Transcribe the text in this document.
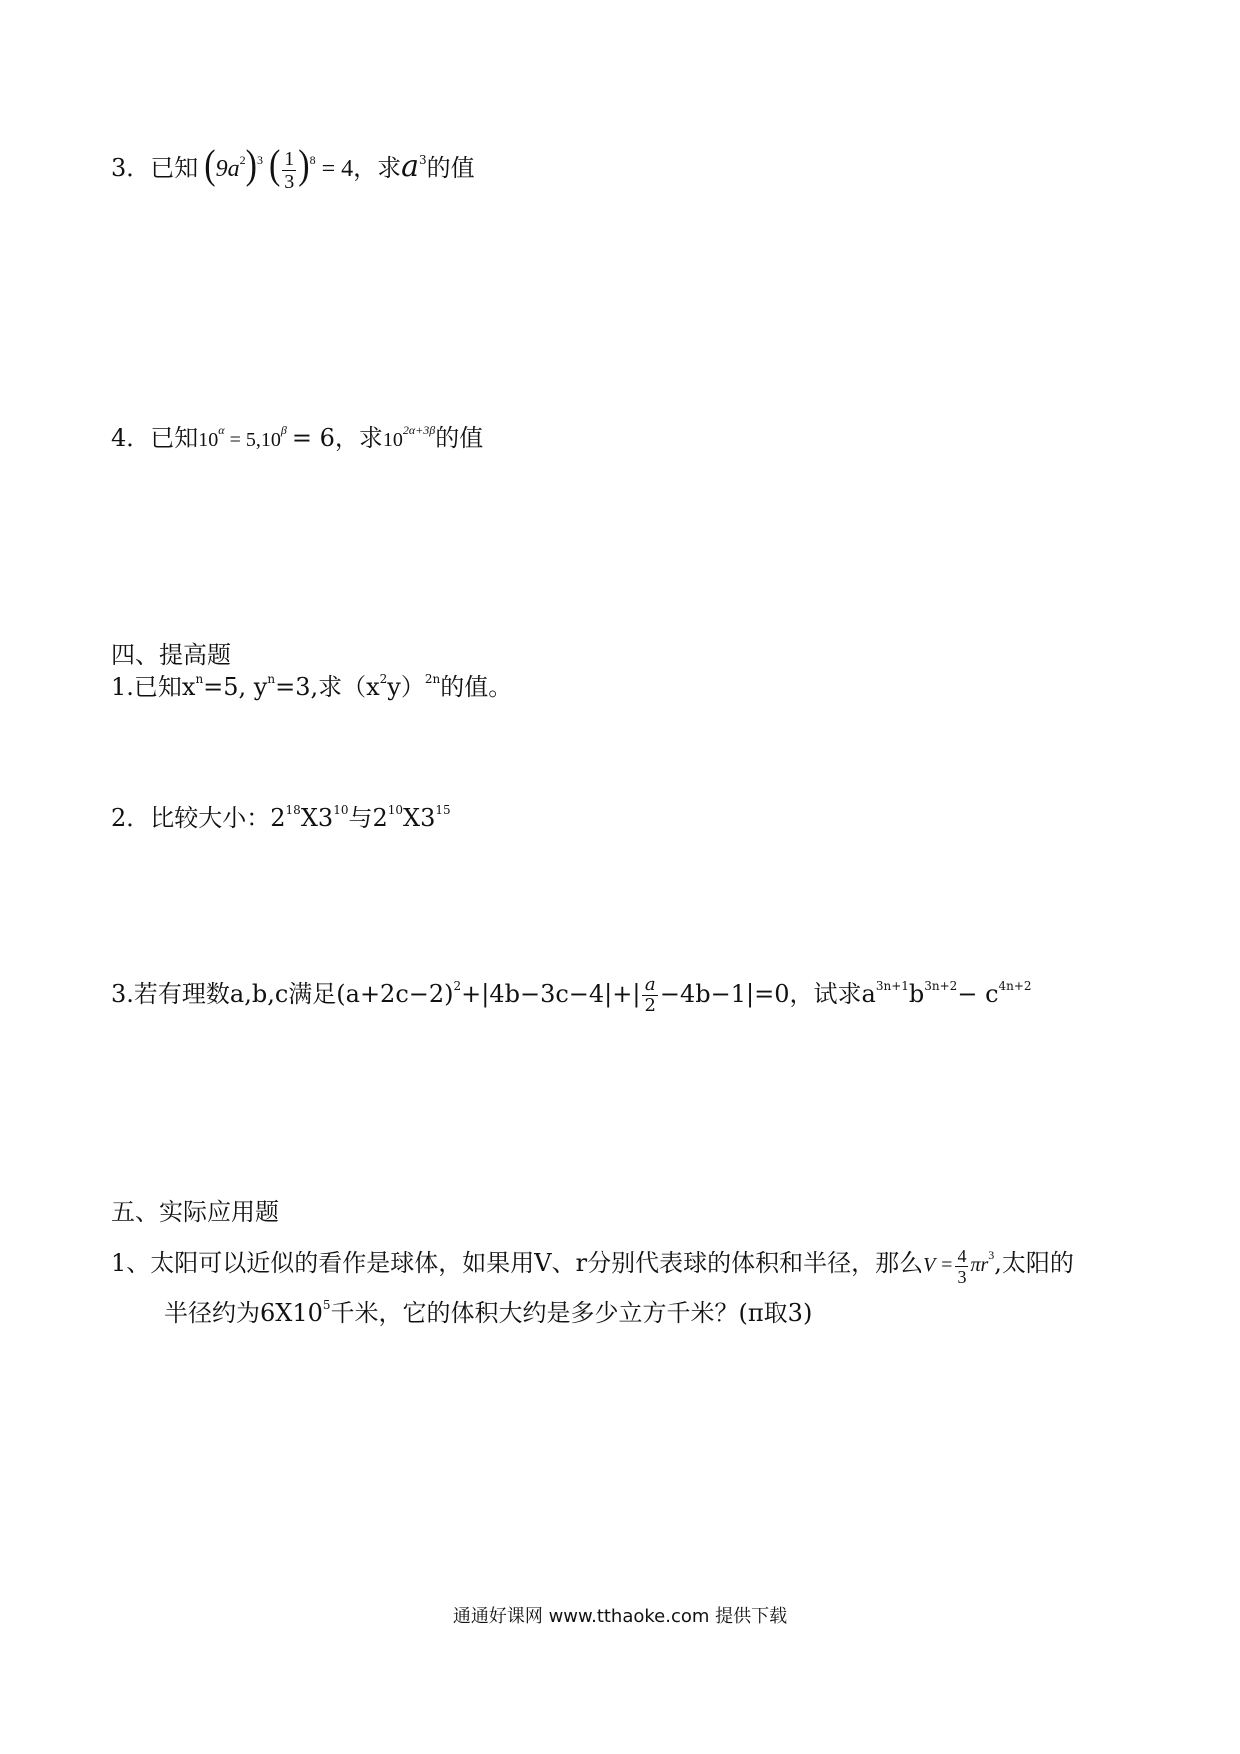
3．已知 $(9a^2)^3$ ( $\frac{1}{3} )^8 = 4$，求$a^3$的值
4．已知$10^\alpha = 5,10^\beta = 6$，求$10^{2\alpha+3\beta}$的值
四、提高题
1.已知$x^n=5$, $y^n=3$,求$(x^2y)^{2n}$的值。
2．比较大小：$2^{18}X3^{10}$与$2^{10}X3^{15}$
3.若有理数a,b,c满足$(a+2c-2)^2+|4b-3c-4|+| \frac{a}{2} -4b-1|=0$，试求$a^{3n+1}b^{3n+2}- c^{4n+2}$
五、实际应用题
1、太阳可以近似的看作是球体，如果用V、r分别代表球的体积和半径，那么$V = \frac{4}{3} \pi r^3$,太阳的
半径约为$6X10^5$千米，它的体积大约是多少立方千米？(π取3)
通通好课网 www.tthaoke.com 提供下载
